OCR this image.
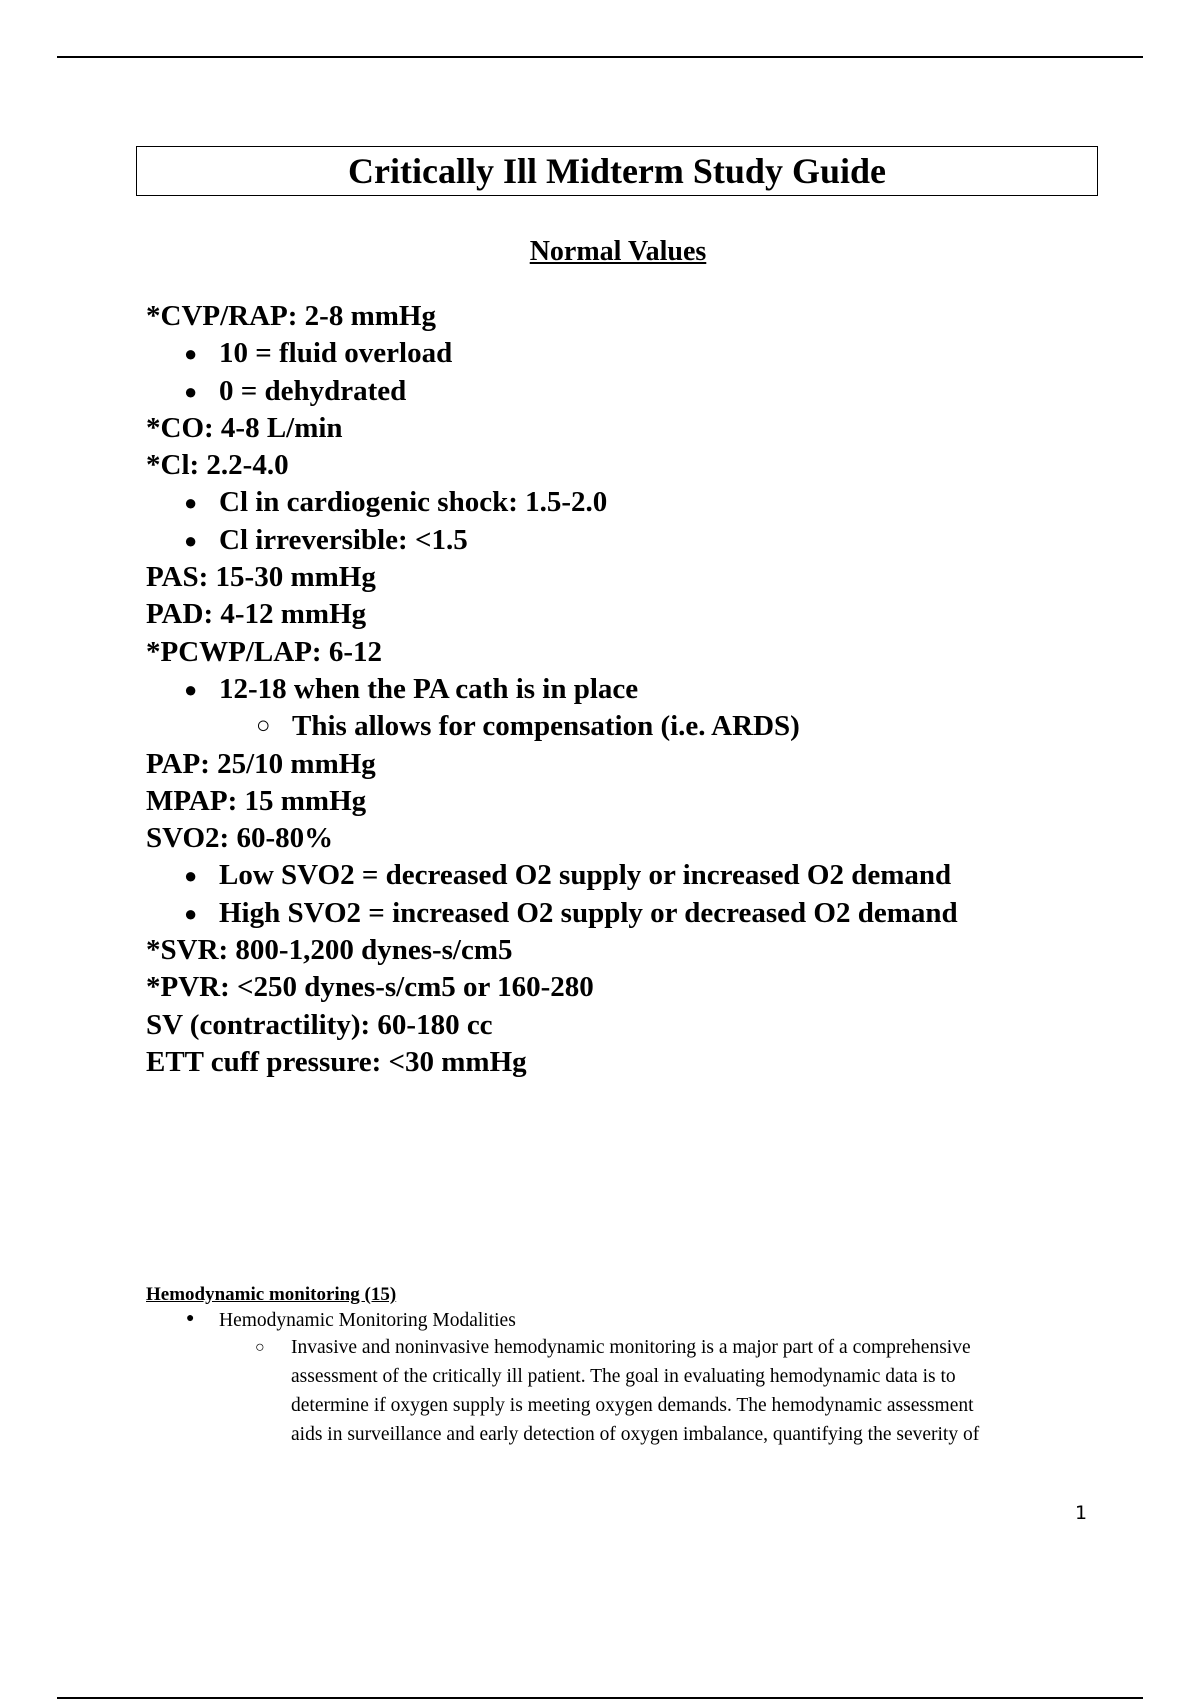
Critically Ill Midterm Study Guide
Normal Values
*CVP/RAP: 2-8 mmHg
● 10 = fluid overload
● 0 = dehydrated
*CO: 4-8 L/min
*Cl: 2.2-4.0
● Cl in cardiogenic shock: 1.5-2.0
● Cl irreversible: <1.5
PAS: 15-30 mmHg
PAD: 4-12 mmHg
*PCWP/LAP: 6-12
● 12-18 when the PA cath is in place
○ This allows for compensation (i.e. ARDS)
PAP: 25/10 mmHg
MPAP: 15 mmHg
SVO2: 60-80%
● Low SVO2 = decreased O2 supply or increased O2 demand
● High SVO2 = increased O2 supply or decreased O2 demand
*SVR: 800-1,200 dynes-s/cm5
*PVR: <250 dynes-s/cm5 or 160-280
SV (contractility): 60-180 cc
ETT cuff pressure: <30 mmHg
Hemodynamic monitoring (15)
● Hemodynamic Monitoring Modalities
○ Invasive and noninvasive hemodynamic monitoring is a major part of a comprehensive
assessment of the critically ill patient. The goal in evaluating hemodynamic data is to
determine if oxygen supply is meeting oxygen demands. The hemodynamic assessment
aids in surveillance and early detection of oxygen imbalance, quantifying the severity of
1
